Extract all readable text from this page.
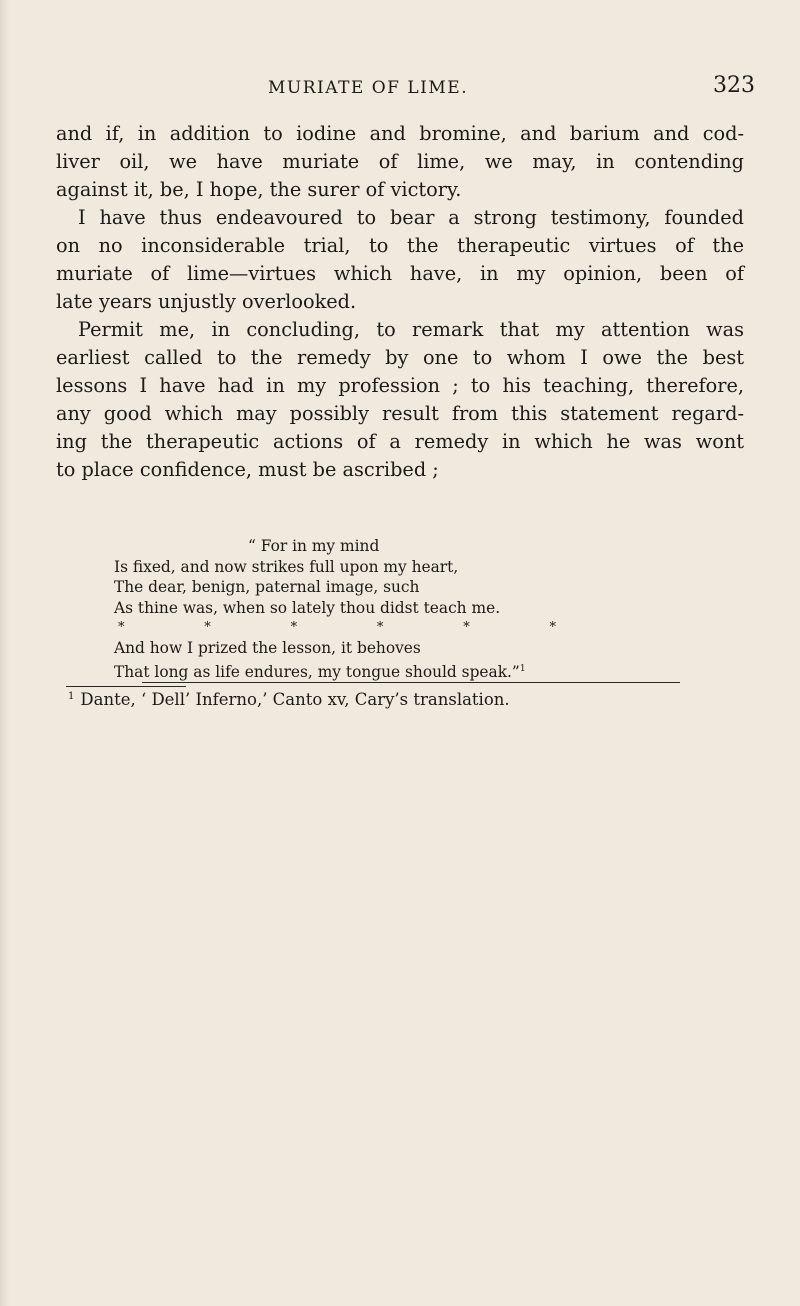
MURIATE OF LIME.	323
and if, in addition to iodine and bromine, and barium and cod-
liver oil, we have muriate of lime, we may, in contending
against it, be, I hope, the surer of victory.
I have thus endeavoured to bear a strong testimony, founded
on no inconsiderable trial, to the therapeutic virtues of the
muriate of lime—virtues which have, in my opinion, been of
late years unjustly overlooked.
Permit me, in concluding, to remark that my attention was
earliest called to the remedy by one to whom I owe the best
lessons I have had in my profession ; to his teaching, therefore,
any good which may possibly result from this statement regard-
ing the therapeutic actions of a remedy in which he was wont
to place confidence, must be ascribed ;
“ For in my mind
Is fixed, and now strikes full upon my heart,
The dear, benign, paternal image, such
As thine was, when so lately thou didst teach me.
*	*	*	*	*	*
And how I prized the lesson, it behoves
That long as life endures, my tongue should speak.”$^1$
$^1$ Dante, ‘ Dell’ Inferno,’ Canto xv, Cary’s translation.
